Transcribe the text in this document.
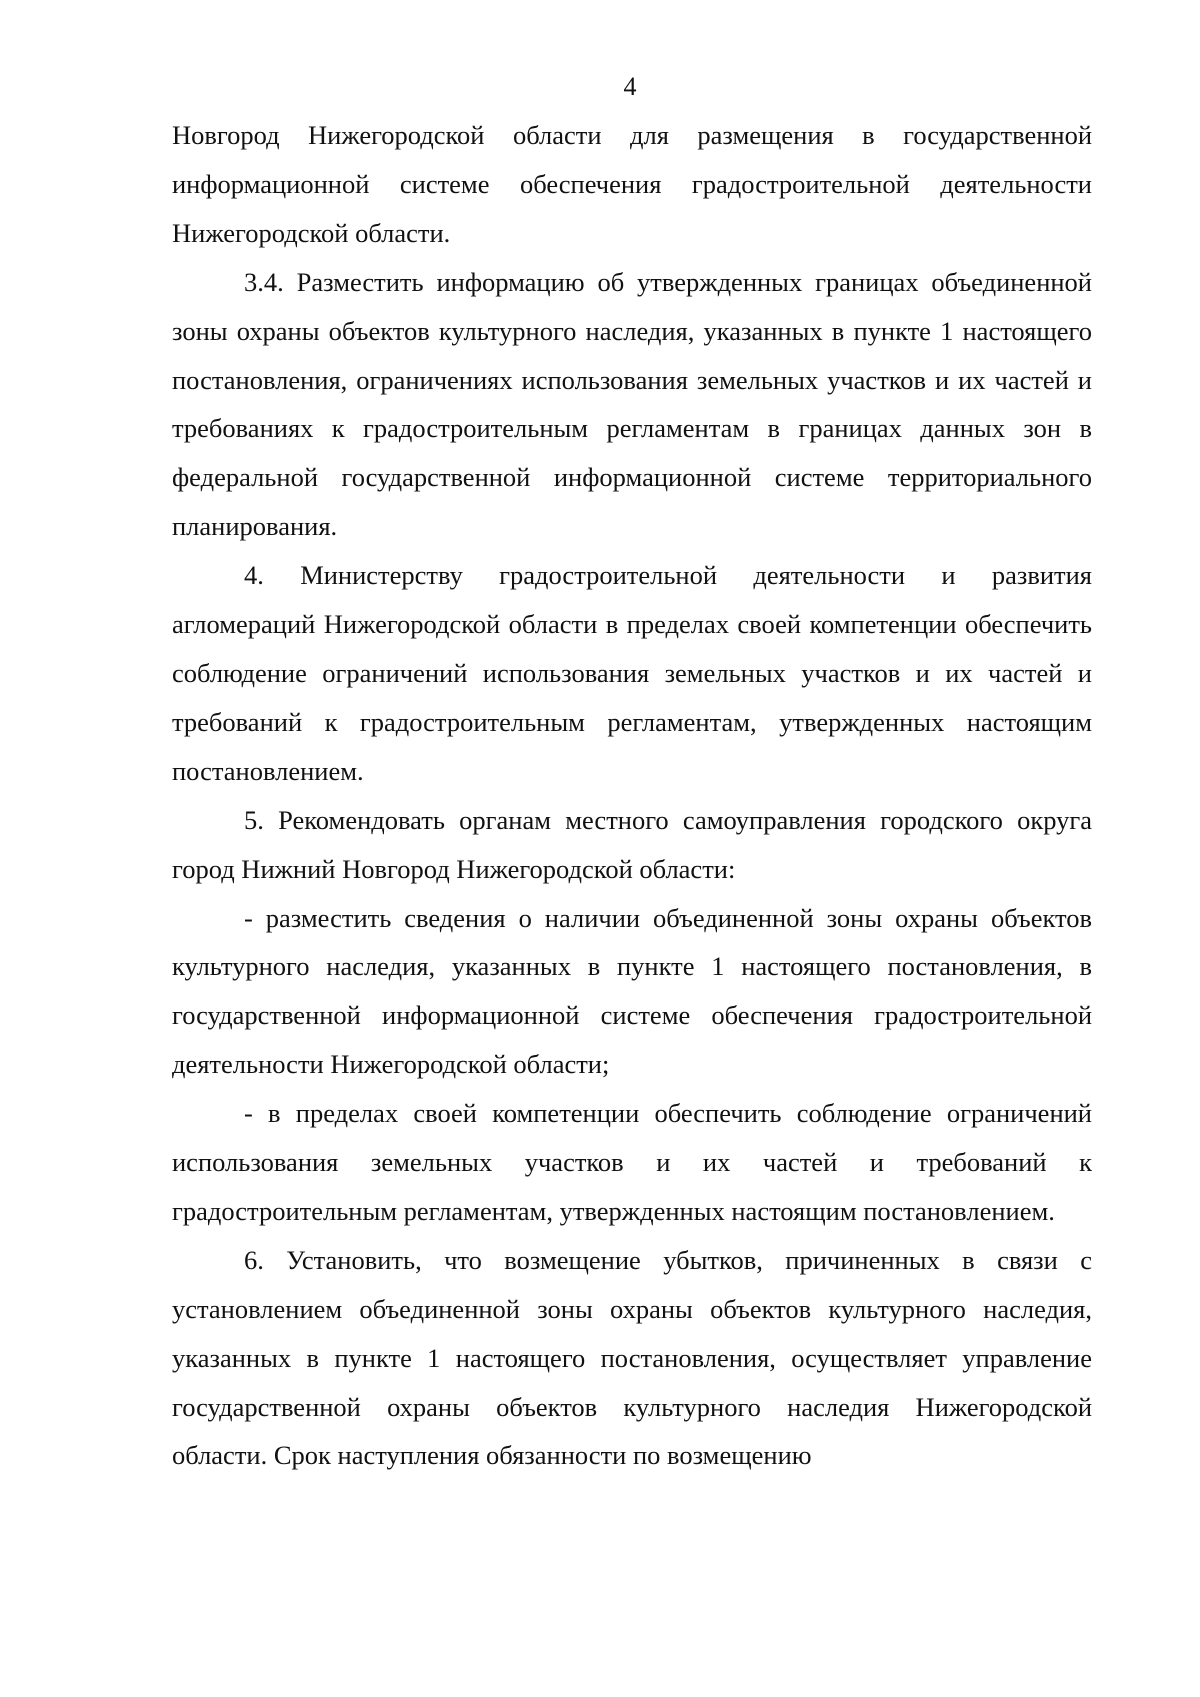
4

Новгород Нижегородской области для размещения в государственной информационной системе обеспечения градостроительной деятельности Нижегородской области.

3.4. Разместить информацию об утвержденных границах объединенной зоны охраны объектов культурного наследия, указанных в пункте 1 настоящего постановления, ограничениях использования земельных участков и их частей и требованиях к градостроительным регламентам в границах данных зон в федеральной государственной информационной системе территориального планирования.

4. Министерству градостроительной деятельности и развития агломераций Нижегородской области в пределах своей компетенции обеспечить соблюдение ограничений использования земельных участков и их частей и требований к градостроительным регламентам, утвержденных настоящим постановлением.

5. Рекомендовать органам местного самоуправления городского округа город Нижний Новгород Нижегородской области:

- разместить сведения о наличии объединенной зоны охраны объектов культурного наследия, указанных в пункте 1 настоящего постановления, в государственной информационной системе обеспечения градостроительной деятельности Нижегородской области;

- в пределах своей компетенции обеспечить соблюдение ограничений использования земельных участков и их частей и требований к градостроительным регламентам, утвержденных настоящим постановлением.

6. Установить, что возмещение убытков, причиненных в связи с установлением объединенной зоны охраны объектов культурного наследия, указанных в пункте 1 настоящего постановления, осуществляет управление государственной охраны объектов культурного наследия Нижегородской области. Срок наступления обязанности по возмещению
